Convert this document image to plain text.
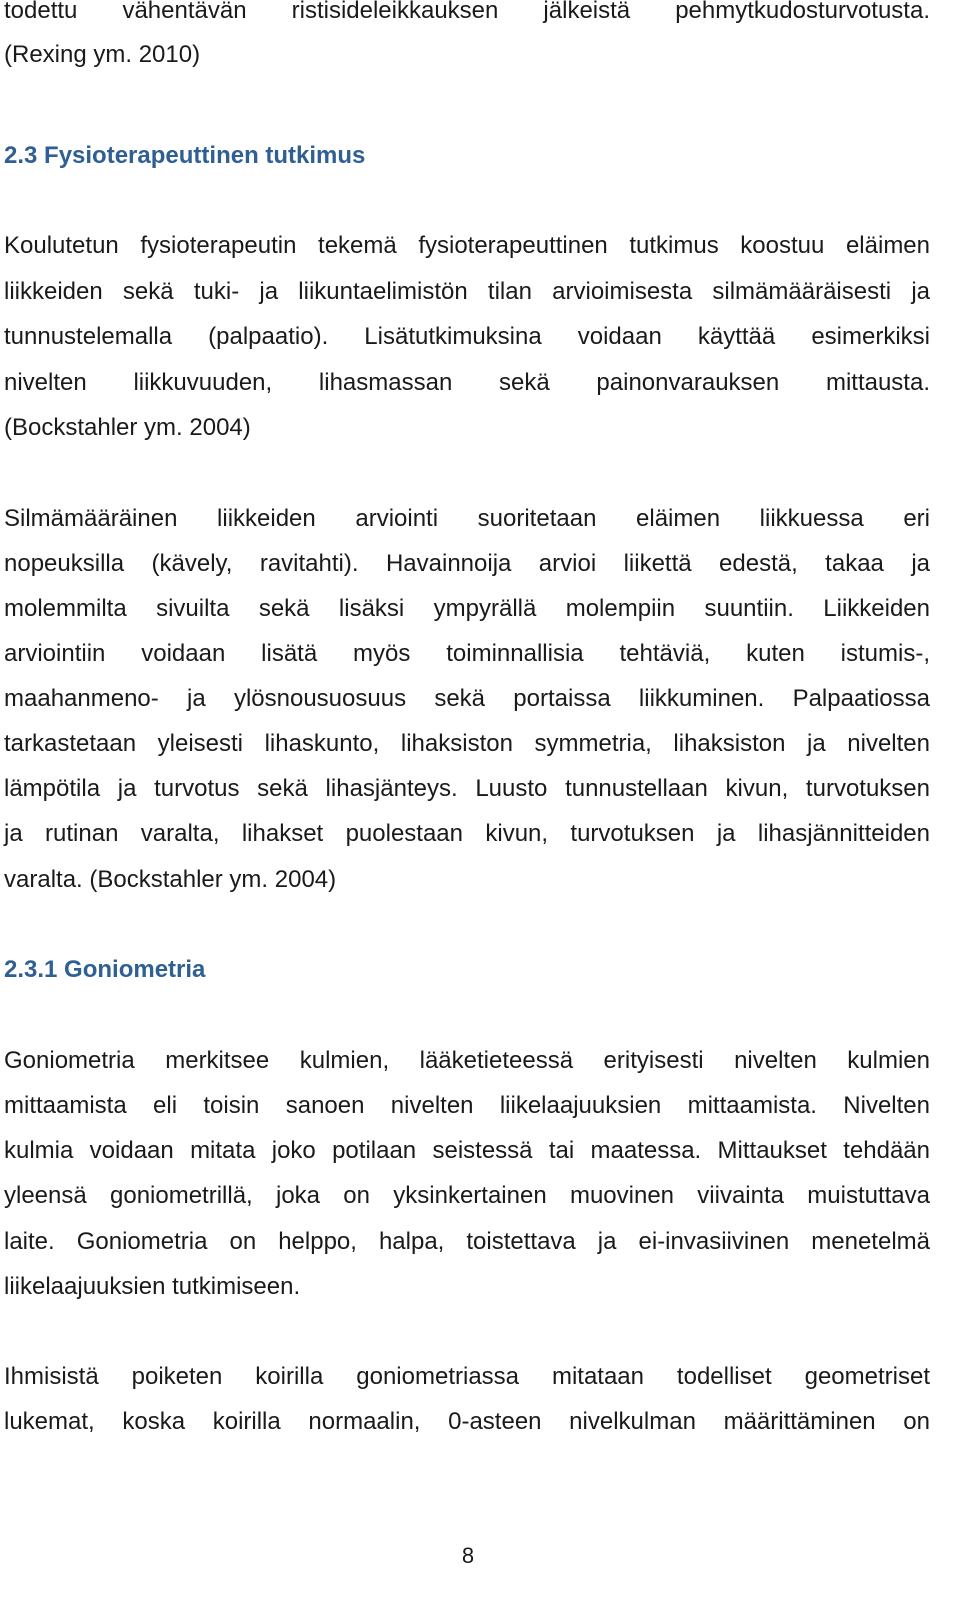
todettu vähentävän ristisideleikkauksen jälkeistä pehmytkudosturvotusta.
(Rexing ym. 2010)
2.3 Fysioterapeuttinen tutkimus
Koulutetun fysioterapeutin tekemä fysioterapeuttinen tutkimus koostuu eläimen
liikkeiden sekä tuki- ja liikuntaelimistön tilan arvioimisesta silmämääräisesti ja
tunnustelemalla (palpaatio). Lisätutkimuksina voidaan käyttää esimerkiksi
nivelten liikkuvuuden, lihasmassan sekä painonvarauksen mittausta.
(Bockstahler ym. 2004)
Silmämääräinen liikkeiden arviointi suoritetaan eläimen liikkuessa eri
nopeuksilla (kävely, ravitahti). Havainnoija arvioi liikettä edestä, takaa ja
molemmilta sivuilta sekä lisäksi ympyrällä molempiin suuntiin. Liikkeiden
arviointiin voidaan lisätä myös toiminnallisia tehtäviä, kuten istumis-,
maahanmeno- ja ylösnousuosuus sekä portaissa liikkuminen. Palpaatiossa
tarkastetaan yleisesti lihaskunto, lihaksiston symmetria, lihaksiston ja nivelten
lämpötila ja turvotus sekä lihasjänteys. Luusto tunnustellaan kivun, turvotuksen
ja rutinan varalta, lihakset puolestaan kivun, turvotuksen ja lihasjännitteiden
varalta. (Bockstahler ym. 2004)
2.3.1 Goniometria
Goniometria merkitsee kulmien, lääketieteessä erityisesti nivelten kulmien
mittaamista eli toisin sanoen nivelten liikelaajuuksien mittaamista. Nivelten
kulmia voidaan mitata joko potilaan seistessä tai maatessa. Mittaukset tehdään
yleensä goniometrillä, joka on yksinkertainen muovinen viivainta muistuttava
laite. Goniometria on helppo, halpa, toistettava ja ei-invasiivinen menetelmä
liikelaajuuksien tutkimiseen.
Ihmisistä poiketen koirilla goniometriassa mitataan todelliset geometriset
lukemat, koska koirilla normaalin, 0-asteen nivelkulman määrittäminen on
8
